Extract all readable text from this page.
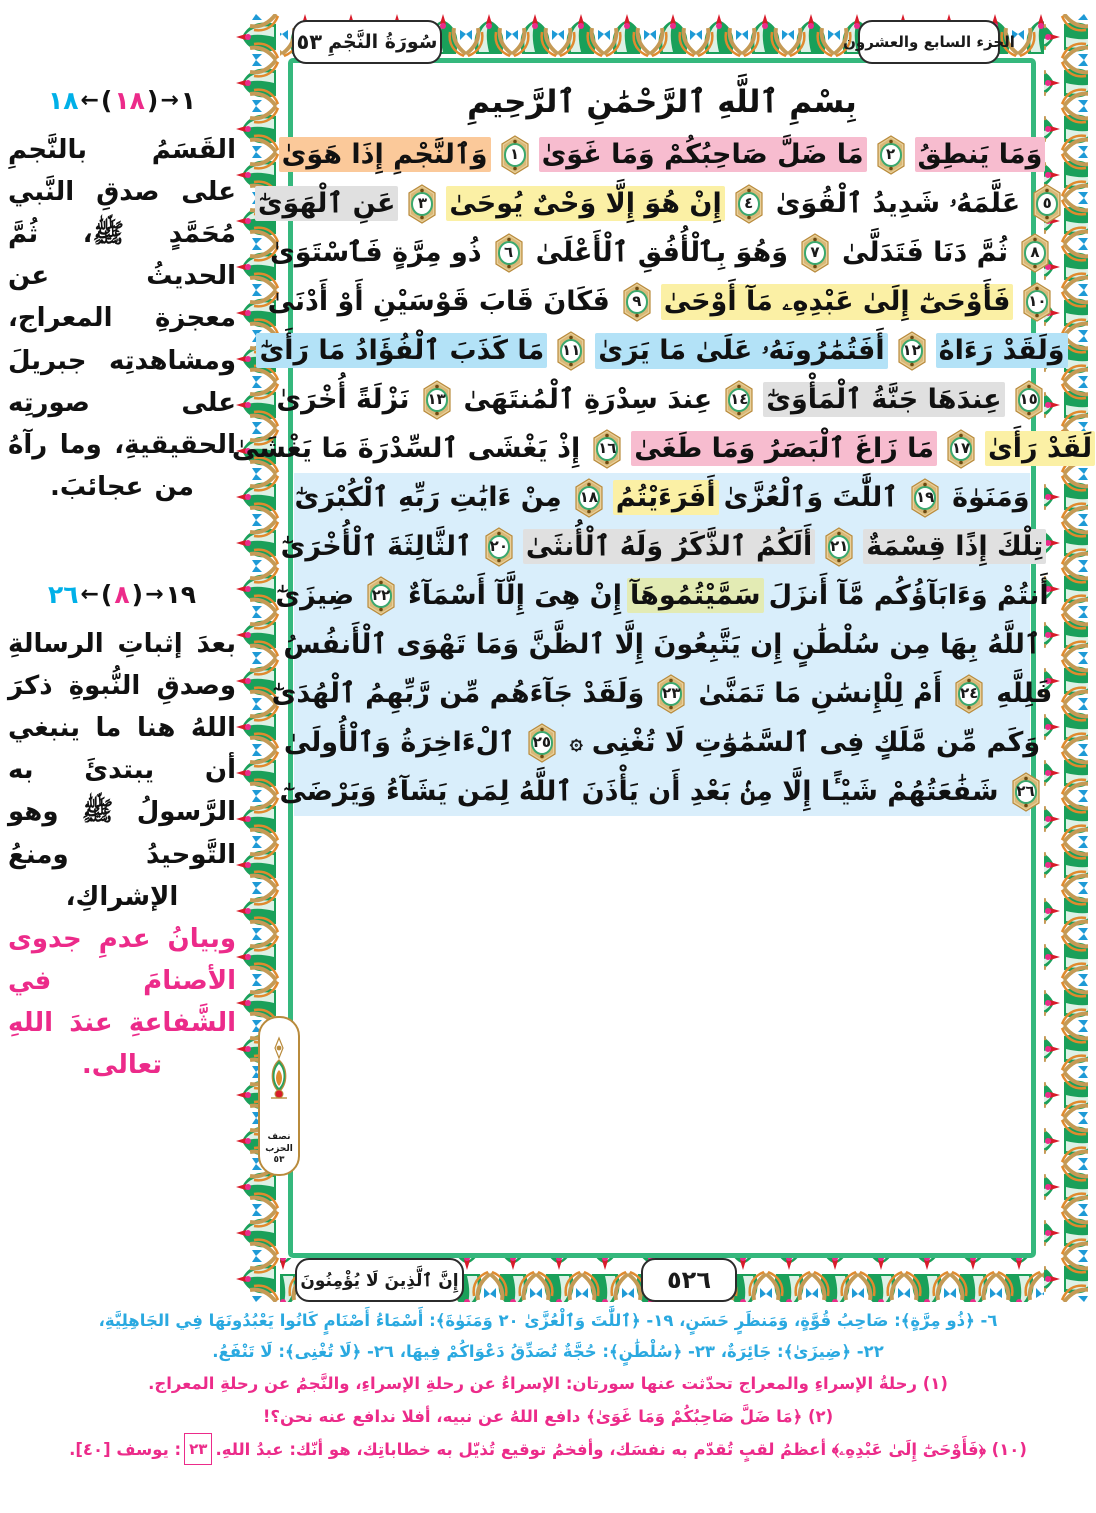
١٨ ← ( ١٨ ) → ١
القَسَمُ بالنَّجمِ على صدقِ النَّبي مُحَمَّدٍ ﷺ، ثُمَّ الحديثُ عن معجزةِ المعراج، ومشاهدتِه جبريلَ على صورتِه الحقيقيةِ، وما رآهُ من عجائبَ.
٢٦ ← ( ٨ ) → ١٩
بعدَ إثباتِ الرسالةِ وصدقِ النُّبوةِ ذكرَ اللهُ هنا ما ينبغي أن يبتدئَ به الرَّسولُ ﷺ وهو التَّوحيدُ ومنعُ الإشراكِ،
وبيانُ عدمِ جدوى الأصنامَ في الشَّفاعةِ عندَ اللهِ تعالى.
بِسْمِ ٱللَّهِ ٱلرَّحْمَٰنِ ٱلرَّحِيمِ
وَٱلنَّجْمِ إِذَا هَوَىٰ ١ مَا ضَلَّ صَاحِبُكُمْ وَمَا غَوَىٰ ٢ وَمَا يَنطِقُ
عَنِ ٱلْهَوَىٰٓ ٣ إِنْ هُوَ إِلَّا وَحْىٌ يُوحَىٰ ٤ عَلَّمَهُۥ شَدِيدُ ٱلْقُوَىٰ ٥
ذُو مِرَّةٍ فَٱسْتَوَىٰ ٦ وَهُوَ بِٱلْأُفُقِ ٱلْأَعْلَىٰ ٧ ثُمَّ دَنَا فَتَدَلَّىٰ ٨
فَكَانَ قَابَ قَوْسَيْنِ أَوْ أَدْنَىٰ ٩ فَأَوْحَىٰٓ إِلَىٰ عَبْدِهِۦ مَآ أَوْحَىٰ ١٠
مَا كَذَبَ ٱلْفُؤَادُ مَا رَأَىٰٓ ١١ أَفَتُمَٰرُونَهُۥ عَلَىٰ مَا يَرَىٰ ١٢ وَلَقَدْ رَءَاهُ
نَزْلَةً أُخْرَىٰ ١٣ عِندَ سِدْرَةِ ٱلْمُنتَهَىٰ ١٤ عِندَهَا جَنَّةُ ٱلْمَأْوَىٰٓ ١٥
إِذْ يَغْشَى ٱلسِّدْرَةَ مَا يَغْشَىٰ ١٦ مَا زَاغَ ٱلْبَصَرُ وَمَا طَغَىٰ ١٧ لَقَدْ رَأَىٰ
مِنْ ءَايَٰتِ رَبِّهِ ٱلْكُبْرَىٰٓ ١٨ أَفَرَءَيْتُمُ ٱللَّٰتَ وَٱلْعُزَّىٰ ١٩ وَمَنَوٰةَ
ٱلثَّالِثَةَ ٱلْأُخْرَىٰٓ ٢٠ أَلَكُمُ ٱلذَّكَرُ وَلَهُ ٱلْأُنثَىٰ ٢١ تِلْكَ إِذًا قِسْمَةٌ
ضِيزَىٰٓ ٢٢ إِنْ هِىَ إِلَّآ أَسْمَآءٌ سَمَّيْتُمُوهَآ أَنتُمْ وَءَابَآؤُكُم مَّآ أَنزَلَ
ٱللَّهُ بِهَا مِن سُلْطَٰنٍ إِن يَتَّبِعُونَ إِلَّا ٱلظَّنَّ وَمَا تَهْوَى ٱلْأَنفُسُ
وَلَقَدْ جَآءَهُم مِّن رَّبِّهِمُ ٱلْهُدَىٰٓ ٢٣ أَمْ لِلْإِنسَٰنِ مَا تَمَنَّىٰ ٢٤ فَلِلَّهِ
ٱلْءَاخِرَةُ وَٱلْأُولَىٰ ٢٥ ۞ وَكَم مِّن مَّلَكٍ فِى ٱلسَّمَٰوَٰتِ لَا تُغْنِى
شَفَٰعَتُهُمْ شَيْـًٔا إِلَّا مِنۢ بَعْدِ أَن يَأْذَنَ ٱللَّهُ لِمَن يَشَآءُ وَيَرْضَىٰٓ ٢٦
سُورَةُ النَّجْمِ
٥٣	الجزء السابع والعشرون
٥٢٦
إِنَّ ٱلَّذِينَ لَا يُؤْمِنُونَ
نصف
الحزب
٥٣
٦- ﴿ذُو مِرَّةٍ﴾: صَاحِبُ قُوَّةٍ، وَمَنظَرٍ حَسَنٍ، ١٩- ﴿ٱللَّٰتَ وَٱلْعُزَّىٰ ٢٠ وَمَنَوٰةَ﴾: أَسْمَاءُ أَصْنَامٍ كَانُوا يَعْبُدُونَهَا فِي الجَاهِلِيَّةِ،
٢٢- ﴿ضِيزَىٰ﴾: جَائِرَةٌ، ٢٣- ﴿سُلْطَٰنٍ﴾: حُجَّةٌ تُصَدِّقُ دَعْوَاكُمْ فِيهَا، ٢٦- ﴿لَا تُغْنِى﴾: لَا تَنْفَعُ.
(١) رحلةُ الإسراءِ والمعراج تحدّثت عنها سورتان: الإسراءُ عن رحلةِ الإسراءِ، والنَّجمُ عن رحلةِ المعراج.
(٢) ﴿مَا ضَلَّ صَاحِبُكُمْ وَمَا غَوَىٰ﴾ دافع اللهُ عن نبيه، أفلا ندافع عنه نحن؟!
(١٠) ﴿فَأَوْحَىٰٓ إِلَىٰ عَبْدِهِۦ﴾ أعظمُ لقبٍ تُقدّم به نفسَك، وأفخمُ توقيع تُذيّل به خطاباتِك، هو أنّك: عبدُ اللهِ.٢٣: يوسف [٤٠].
